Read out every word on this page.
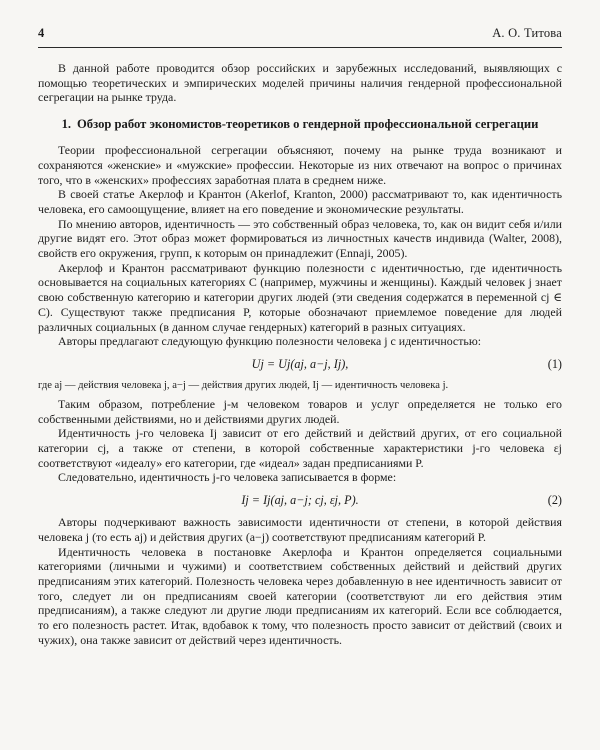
4	А. О. Титова

В данной работе проводится обзор российских и зарубежных исследований, выявляющих с помощью теоретических и эмпирических моделей причины наличия гендерной профессиональной сегрегации на рынке труда.

1. Обзор работ экономистов-теоретиков о гендерной профессиональной сегрегации

Теории профессиональной сегрегации объясняют, почему на рынке труда возникают и сохраняются «женские» и «мужские» профессии. Некоторые из них отвечают на вопрос о причинах того, что в «женских» профессиях заработная плата в среднем ниже.

В своей статье Акерлоф и Крантон (Akerlof, Kranton, 2000) рассматривают то, как идентичность человека, его самоощущение, влияет на его поведение и экономические результаты.

По мнению авторов, идентичность — это собственный образ человека, то, как он видит себя и/или другие видят его. Этот образ может формироваться из личностных качеств индивида (Walter, 2008), свойств его окружения, групп, к которым он принадлежит (Ennaji, 2005).

Акерлоф и Крантон рассматривают функцию полезности с идентичностью, где идентичность основывается на социальных категориях C (например, мужчины и женщины). Каждый человек j знает свою собственную категорию и категории других людей (эти сведения содержатся в переменной cj ∈ C). Существуют также предписания P, которые обозначают приемлемое поведение для людей различных социальных (в данном случае гендерных) категорий в разных ситуациях.

Авторы предлагают следующую функцию полезности человека j с идентичностью:

Uj = Uj(aj, a−j, Ij),	(1)

где aj — действия человека j, a−j — действия других людей, Ij — идентичность человека j.

Таким образом, потребление j-м человеком товаров и услуг определяется не только его собственными действиями, но и действиями других людей.

Идентичность j-го человека Ij зависит от его действий и действий других, от его социальной категории cj, а также от степени, в которой собственные характеристики j-го человека εj соответствуют «идеалу» его категории, где «идеал» задан предписаниями P.

Следовательно, идентичность j-го человека записывается в форме:

Ij = Ij(aj, a−j; cj, εj, P).	(2)

Авторы подчеркивают важность зависимости идентичности от степени, в которой действия человека j (то есть aj) и действия других (a−j) соответствуют предписаниям категорий P.

Идентичность человека в постановке Акерлофа и Крантон определяется социальными категориями (личными и чужими) и соответствием собственных действий и действий других предписаниям этих категорий. Полезность человека через добавленную в нее идентичность зависит от того, следует ли он предписаниям своей категории (соответствуют ли его действия этим предписаниям), а также следуют ли другие люди предписаниям их категорий. Если все соблюдается, то его полезность растет. Итак, вдобавок к тому, что полезность просто зависит от действий (своих и чужих), она также зависит от действий через идентичность.
